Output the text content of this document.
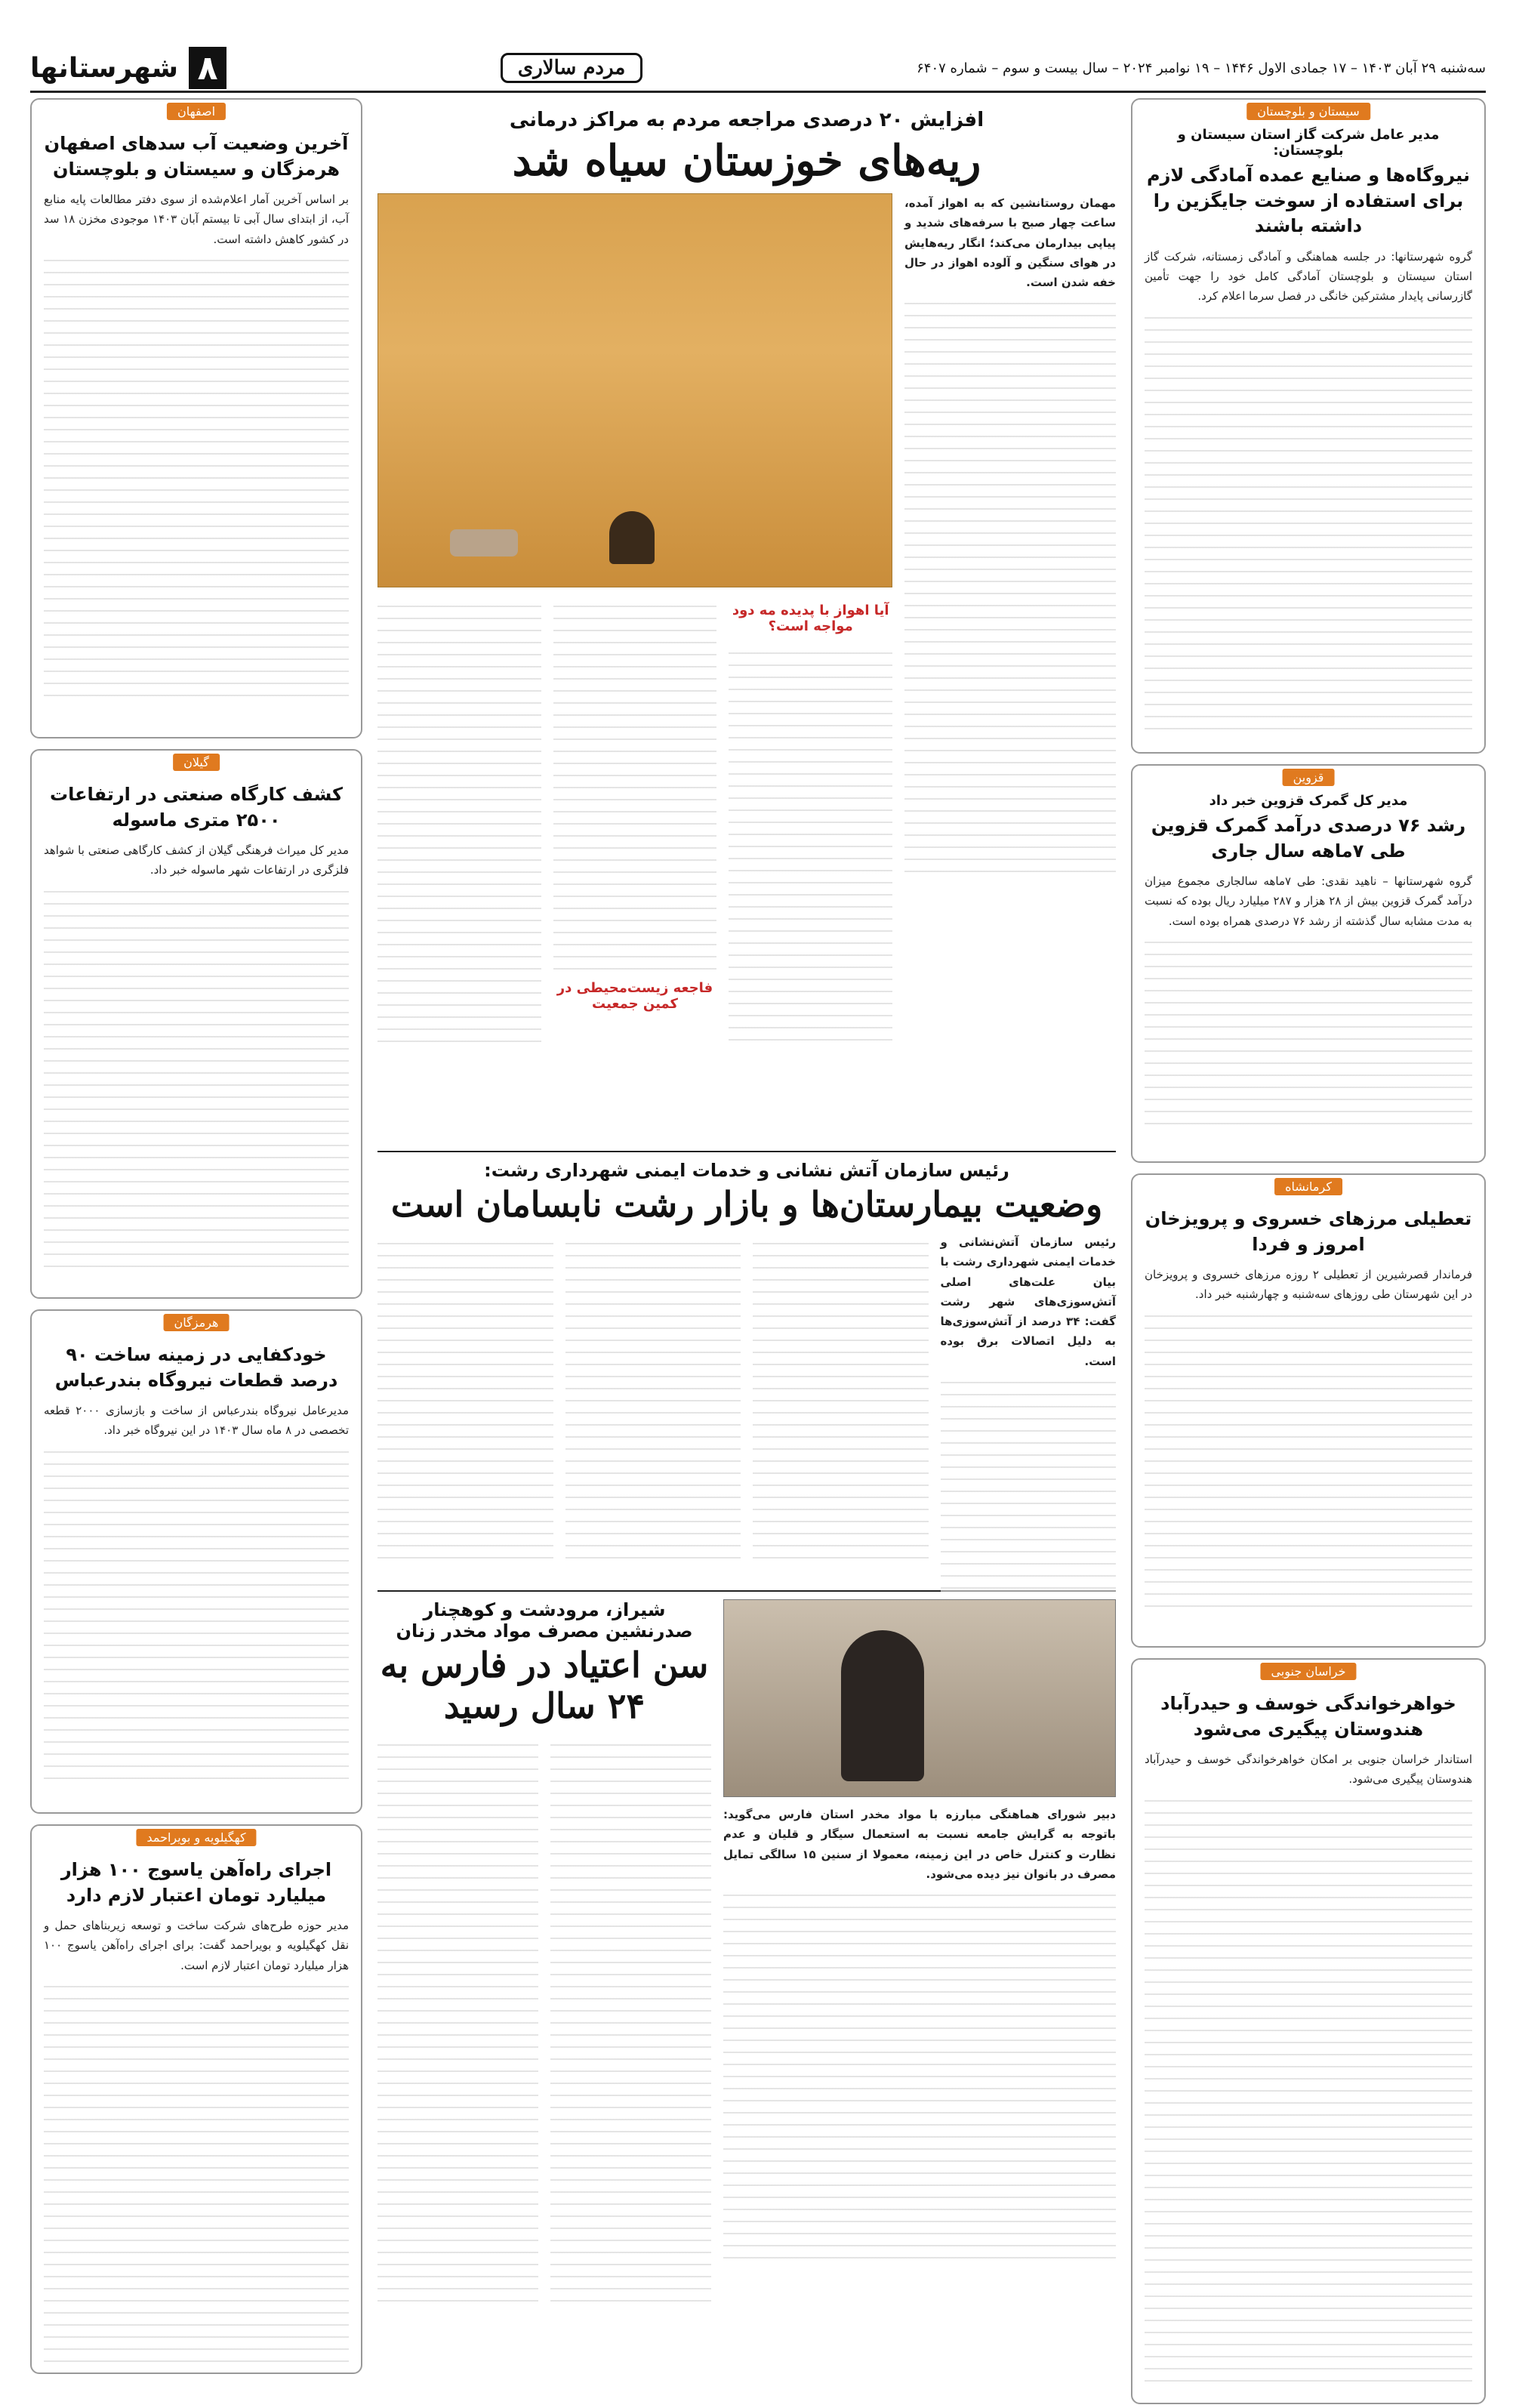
سه‌شنبه ۲۹ آبان ۱۴۰۳ – ۱۷ جمادی الاول ۱۴۴۶ – ۱۹ نوامبر ۲۰۲۴ – سال بیست و سوم – شماره ۶۴۰۷
مردم سالاری
۸
شهرستانها
سیستان و بلوچستان
مدیر عامل شرکت گاز استان سیستان و بلوچستان:
نیروگاه‌ها و صنایع عمده آمادگی لازم برای استفاده از سوخت جایگزین را داشته باشند
گروه شهرستانها: در جلسه هماهنگی و آمادگی زمستانه، شرکت گاز استان سیستان و بلوچستان آمادگی کامل خود را جهت تأمین گازرسانی پایدار مشترکین خانگی در فصل سرما اعلام کرد.
قزوین
مدیر کل گمرک قزوین خبر داد
رشد ۷۶ درصدی درآمد گمرک قزوین طی ۷ماهه سال جاری
گروه شهرستانها – ناهید نقدی: طی ۷ماهه سالجاری مجموع میزان درآمد گمرک قزوین بیش از ۲۸ هزار و ۲۸۷ میلیارد ریال بوده که نسبت به مدت مشابه سال گذشته از رشد ۷۶ درصدی همراه بوده است.
کرمانشاه
تعطیلی مرزهای خسروی و پرویزخان امروز و فردا
فرماندار قصرشیرین از تعطیلی ۲ روزه مرزهای خسروی و پرویزخان در این شهرستان طی روزهای سه‌شنبه و چهارشنبه خبر داد.
خراسان جنوبی
خواهرخواندگی خوسف و حیدرآباد هندوستان پیگیری می‌شود
استاندار خراسان جنوبی بر امکان خواهرخواندگی خوسف و حیدرآباد هندوستان پیگیری می‌شود.
اصفهان
آخرین وضعیت آب سدهای اصفهان هرمزگان و سیستان و بلوچستان
بر اساس آخرین آمار اعلام‌شده از سوی دفتر مطالعات پایه منابع آب، از ابتدای سال آبی تا بیستم آبان ۱۴۰۳ موجودی مخزن ۱۸ سد در کشور کاهش داشته است.
گیلان
کشف کارگاه صنعتی در ارتفاعات ۲۵۰۰ متری ماسوله
مدیر کل میراث فرهنگی گیلان از کشف کارگاهی صنعتی با شواهد فلزگری در ارتفاعات شهر ماسوله خبر داد.
هرمزگان
خودکفایی در زمینه ساخت ۹۰ درصد قطعات نیروگاه بندرعباس
مدیرعامل نیروگاه بندرعباس از ساخت و بازسازی ۲۰۰۰ قطعه تخصصی در ۸ ماه سال ۱۴۰۳ در این نیروگاه خبر داد.
کهگیلویه و بویراحمد
اجرای راه‌آهن یاسوج ۱۰۰ هزار میلیارد تومان اعتبار لازم دارد
مدیر حوزه طرح‌های شرکت ساخت و توسعه زیربناهای حمل و نقل کهگیلویه و بویراحمد گفت: برای اجرای راه‌آهن یاسوج ۱۰۰ هزار میلیارد تومان اعتبار لازم است.
افزایش ۲۰ درصدی مراجعه مردم به مراکز درمانی
ریه‌های خوزستان سیاه شد
مهمان روستانشین که به اهواز آمده، ساعت چهار صبح با سرفه‌های شدید و پیاپی بیدارمان می‌کند؛ انگار ریه‌هایش در هوای سنگین و آلوده اهواز در حال خفه شدن است.
آیا اهواز با پدیده مه دود مواجه است؟
فاجعه زیست‌محیطی در کمین جمعیت
رئیس سازمان آتش نشانی و خدمات ایمنی شهرداری رشت:
وضعیت بیمارستان‌ها و بازار رشت نابسامان است
رئیس سازمان آتش‌نشانی و خدمات ایمنی شهرداری رشت با بیان علت‌های اصلی آتش‌سوزی‌های شهر رشت گفت: ۳۴ درصد از آتش‌سوزی‌ها به دلیل اتصالات برق بوده است.
دبیر شورای هماهنگی مبارزه با مواد مخدر استان فارس می‌گوید: باتوجه به گرایش جامعه نسبت به استعمال سیگار و قلیان و عدم نظارت و کنترل خاص در این زمینه، معمولا از سنین ۱۵ سالگی تمایل مصرف در بانوان نیز دیده می‌شود.
شیراز، مرودشت و کوهچنار صدرنشین مصرف مواد مخدر زنان
سن اعتیاد در فارس به ۲۴ سال رسید
